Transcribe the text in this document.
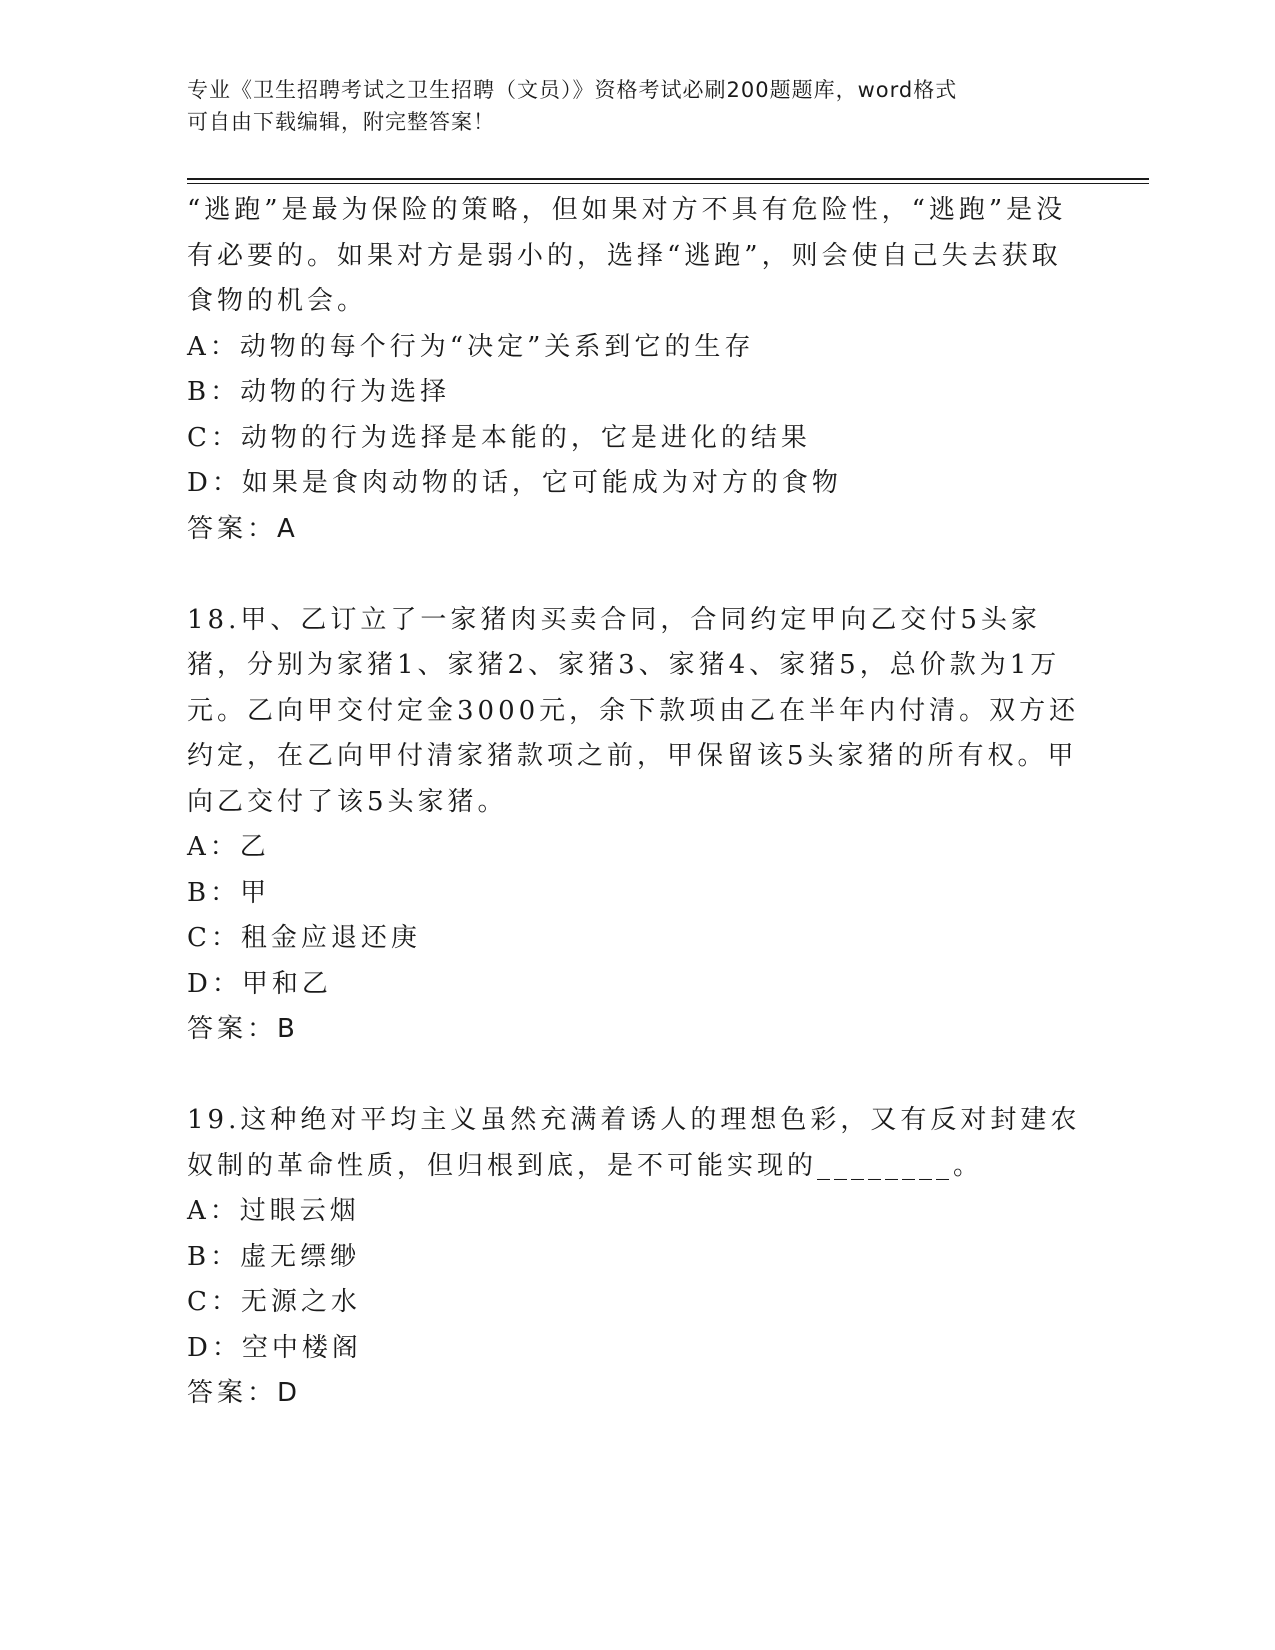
专业《卫生招聘考试之卫生招聘（文员）》资格考试必刷200题题库，word格式
可自由下载编辑，附完整答案！

“逃跑”是最为保险的策略，但如果对方不具有危险性，“逃跑”是没有必要的。如果对方是弱小的，选择“逃跑”，则会使自己失去获取食物的机会。

A：动物的每个行为“决定”关系到它的生存

B：动物的行为选择

C：动物的行为选择是本能的，它是进化的结果

D：如果是食肉动物的话，它可能成为对方的食物

答案：A

18.甲、乙订立了一家猪肉买卖合同，合同约定甲向乙交付5头家猪，分别为家猪1、家猪2、家猪3、家猪4、家猪5，总价款为1万元。乙向甲交付定金3000元，余下款项由乙在半年内付清。双方还约定，在乙向甲付清家猪款项之前，甲保留该5头家猪的所有权。甲向乙交付了该5头家猪。

A：乙

B：甲

C：租金应退还庚

D：甲和乙

答案：B

19.这种绝对平均主义虽然充满着诱人的理想色彩，又有反对封建农奴制的革命性质，但归根到底，是不可能实现的________。

A：过眼云烟

B：虚无缥缈

C：无源之水

D：空中楼阁

答案：D
